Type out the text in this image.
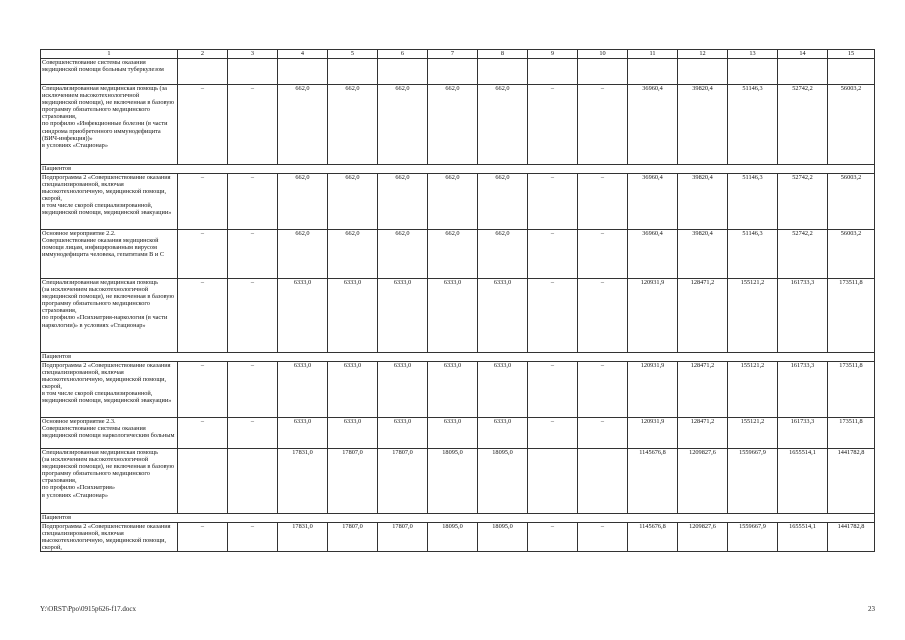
1	2	3	4	5	6	7	8	9	10	11	12	13	14	15
Совершенствование системы оказания медицинской помощи больным туберкулезом														
Специализированная медицинская помощь (за исключением высокотехнологичной медицинской помощи), не включенная в базовую программу обязательного медицинского страхования,
по профилю «Инфекционные болезни (в части синдрома приобретенного иммунодефицита (ВИЧ-инфекция))»
в условиях «Стационар»	–	–	662,0	662,0	662,0	662,0	662,0	–	–	36960,4	39820,4	51146,3	52742,2	56003,2
Пациентов														
Подпрограмма 2 «Совершенствование оказания специализированной, включая высокотехнологичную, медицинской помощи, скорой,
в том числе скорой специализированной, медицинской помощи, медицинской эвакуации»	–	–	662,0	662,0	662,0	662,0	662,0	–	–	36960,4	39820,4	51146,3	52742,2	56003,2
Основное мероприятие 2.2.
Совершенствование оказания медицинской помощи лицам, инфицированным вирусом иммунодефицита человека, гепатитами В и С	–	–	662,0	662,0	662,0	662,0	662,0	–	–	36960,4	39820,4	51146,3	52742,2	56003,2
Специализированная медицинская помощь
(за исключением высокотехнологичной медицинской помощи), не включенная в базовую программу обязательного медицинского страхования,
по профилю «Психиатрия-наркология (в части наркологии)» в условиях «Стационар»	–	–	6333,0	6333,0	6333,0	6333,0	6333,0	–	–	120931,9	128471,2	155121,2	161733,3	173511,8
Пациентов														
Подпрограмма 2 «Совершенствование оказания специализированной, включая высокотехнологичную, медицинской помощи, скорой,
в том числе скорой специализированной, медицинской помощи, медицинской эвакуации»	–	–	6333,0	6333,0	6333,0	6333,0	6333,0	–	–	120931,9	128471,2	155121,2	161733,3	173511,8
Основное мероприятие 2.3.
Совершенствование системы оказания медицинской помощи наркологическим больным	–	–	6333,0	6333,0	6333,0	6333,0	6333,0	–	–	120931,9	128471,2	155121,2	161733,3	173511,8
Специализированная медицинская помощь
(за исключением высокотехнологичной медицинской помощи), не включенная в базовую программу обязательного медицинского страхования,
по профилю «Психиатрия»
в условиях «Стационар»			17831,0	17807,0	17807,0	18095,0	18095,0			1145676,8	1209827,6	1559667,9	1655514,1	1441782,8
Пациентов														
Подпрограмма 2 «Совершенствование оказания специализированной, включая высокотехнологичную, медицинской помощи, скорой,	–	–	17831,0	17807,0	17807,0	18095,0	18095,0	–	–	1145676,8	1209827,6	1559667,9	1655514,1	1441782,8
Y:\ORST\Ppo\0915p626-f17.docx	23
